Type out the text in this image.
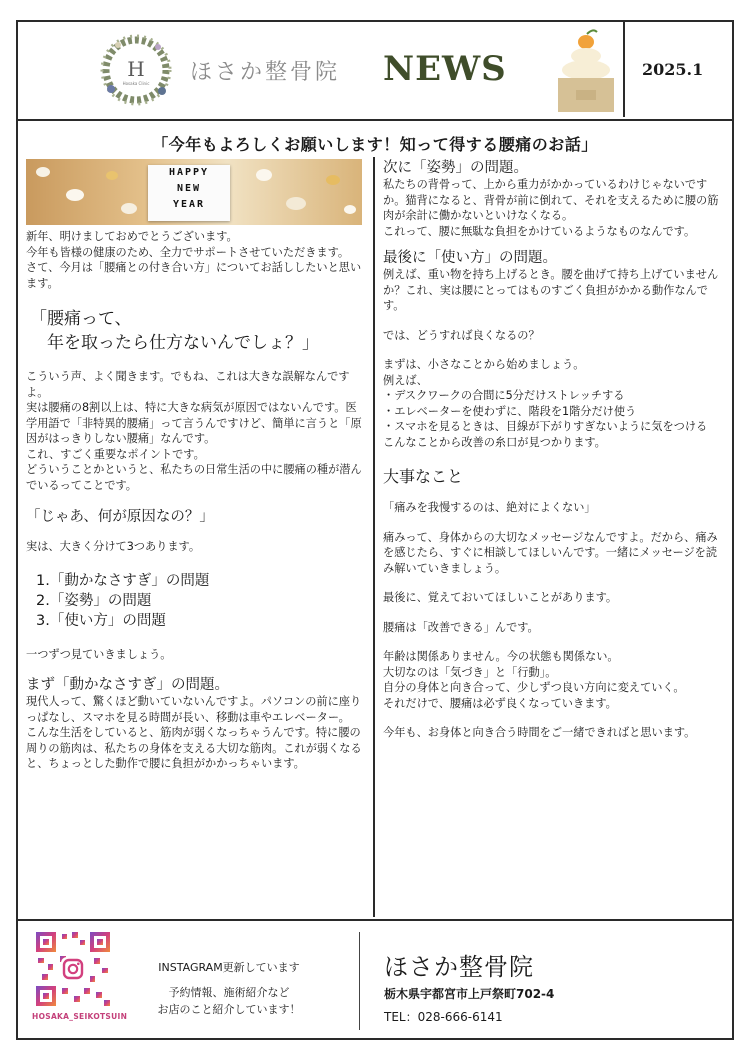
H
Hosaka Clinic ほさか整骨院 NEWS	2025.1
「今年もよろしくお願いします！知って得する腰痛のお話」
HAPPY
NEW
YEAR

新年、明けましておめでとうございます。

今年も皆様の健康のため、全力でサポートさせていただきます。

さて、今月は「腰痛との付き合い方」についてお話ししたいと思います。

「腰痛って、

　年を取ったら仕方ないんでしょ？」

こういう声、よく聞きます。でもね、これは大きな誤解なんですよ。

実は腰痛の8割以上は、特に大きな病気が原因ではないんです。医学用語で「非特異的腰痛」って言うんですけど、簡単に言うと「原因がはっきりしない腰痛」なんです。

これ、すごく重要なポイントです。

どういうことかというと、私たちの日常生活の中に腰痛の種が潜んでいるってことです。

「じゃあ、何が原因なの？」

実は、大きく分けて3つあります。

1.「動かなさすぎ」の問題

2.「姿勢」の問題

3.「使い方」の問題

一つずつ見ていきましょう。

まず「動かなさすぎ」の問題。

現代人って、驚くほど動いていないんですよ。パソコンの前に座りっぱなし、スマホを見る時間が長い、移動は車やエレベーター。

こんな生活をしていると、筋肉が弱くなっちゃうんです。特に腰の周りの筋肉は、私たちの身体を支える大切な筋肉。これが弱くなると、ちょっとした動作で腰に負担がかかっちゃいます。

次に「姿勢」の問題。

私たちの背骨って、上から重力がかかっているわけじゃないですか。猫背になると、背骨が前に倒れて、それを支えるために腰の筋肉が余計に働かないといけなくなる。

これって、腰に無駄な負担をかけているようなものなんです。

最後に「使い方」の問題。

例えば、重い物を持ち上げるとき。腰を曲げて持ち上げていませんか？これ、実は腰にとってはものすごく負担がかかる動作なんです。

では、どうすれば良くなるの？

まずは、小さなことから始めましょう。

例えば、

・デスクワークの合間に5分だけストレッチする

・エレベーターを使わずに、階段を1階分だけ使う

・スマホを見るときは、目線が下がりすぎないように気をつける

こんなことから改善の糸口が見つかります。

大事なこと

「痛みを我慢するのは、絶対によくない」

痛みって、身体からの大切なメッセージなんですよ。だから、痛みを感じたら、すぐに相談してほしいんです。一緒にメッセージを読み解いていきましょう。

最後に、覚えておいてほしいことがあります。

腰痛は「改善できる」んです。

年齢は関係ありません。今の状態も関係ない。

大切なのは「気づき」と「行動」。

自分の身体と向き合って、少しずつ良い方向に変えていく。

それだけで、腰痛は必ず良くなっていきます。

今年も、お身体と向き合う時間をご一緒できればと思います。

HOSAKA_SEIKOTSUIN
INSTAGRAM更新しています
予約情報、施術紹介など
お店のこと紹介しています！
ほさか整骨院
栃木県宇都宮市上戸祭町702-4
TEL：028-666-6141
